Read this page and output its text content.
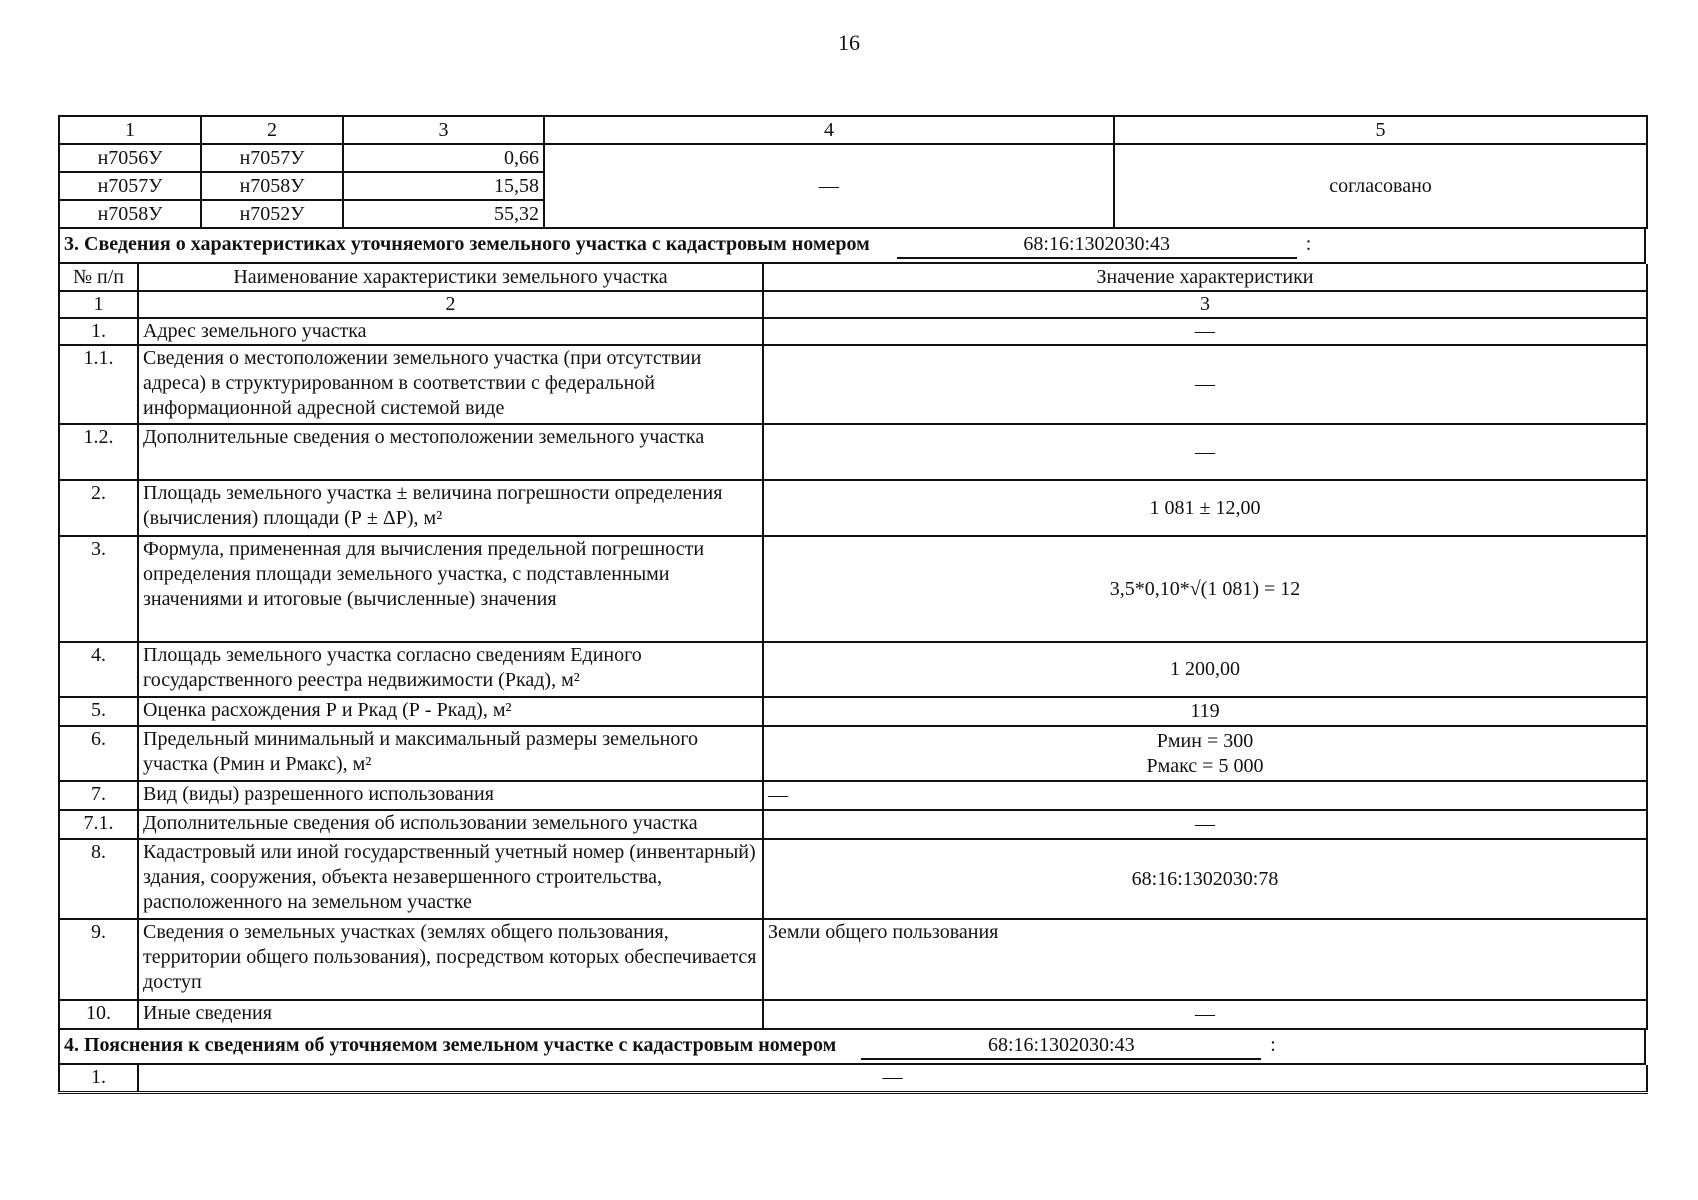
16
1	2	3	4	5
н7056У	н7057У	0,66	—	согласовано
н7057У	н7058У	15,58		
н7058У	н7052У	55,32		
3. Сведения о характеристиках уточняемого земельного участка с кадастровым номером	68:16:1302030:43	:
№ п/п	Наименование характеристики земельного участка	Значение характеристики
1	2	3
1.	Адрес земельного участка	—
1.1.	Сведения о местоположении земельного участка (при отсутствии адреса) в структурированном в соответствии с федеральной информационной адресной системой виде	—
1.2.	Дополнительные сведения о местоположении земельного участка	—
2.	Площадь земельного участка ± величина погрешности определения (вычисления) площади (Р ± ΔР), м²	1 081 ± 12,00
3.	Формула, примененная для вычисления предельной погрешности определения площади земельного участка, с подставленными значениями и итоговые (вычисленные) значения	3,5*0,10*√(1 081) = 12
4.	Площадь земельного участка согласно сведениям Единого государственного реестра недвижимости (Ркад), м²	1 200,00
5.	Оценка расхождения Р и Ркад (Р - Ркад), м²	119
6.	Предельный минимальный и максимальный размеры земельного участка (Рмин и Рмакс), м²	Рмин = 300
Рмакс = 5 000

7.	Вид (виды) разрешенного использования	—
7.1.	Дополнительные сведения об использовании земельного участка	—
8.	Кадастровый или иной государственный учетный номер (инвентарный) здания, сооружения, объекта незавершенного строительства, расположенного на земельном участке	68:16:1302030:78
9.	Сведения о земельных участках (землях общего пользования, территории общего пользования), посредством которых обеспечивается доступ	Земли общего пользования
10.	Иные сведения	—
4. Пояснения к сведениям об уточняемом земельном участке с кадастровым номером	68:16:1302030:43	:
1.	—
